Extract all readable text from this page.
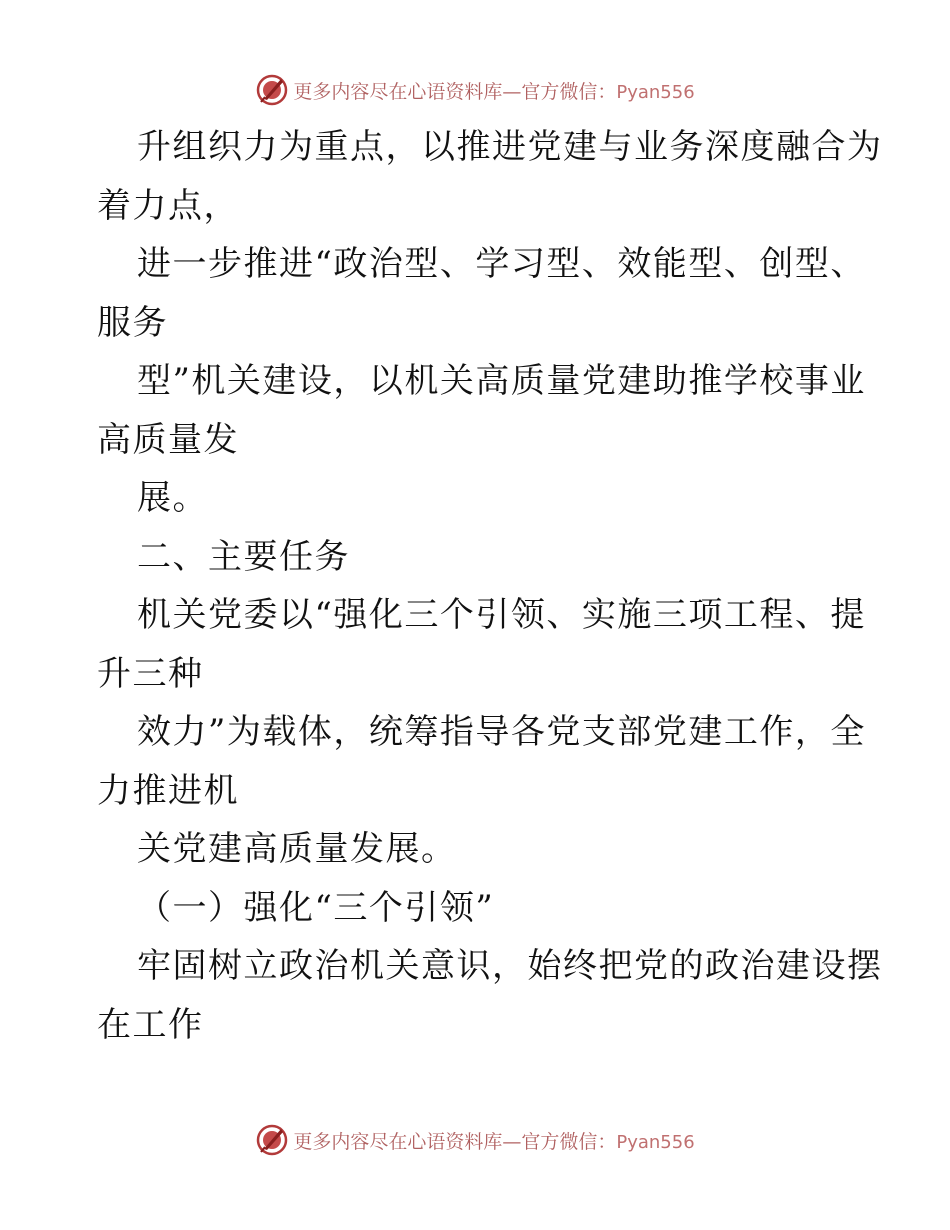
更多内容尽在心语资料库—官方微信：Pyan556
升组织力为重点，以推进党建与业务深度融合为
着力点，
进一步推进“政治型、学习型、效能型、创型、
服务
型”机关建设，以机关高质量党建助推学校事业
高质量发
展。
二、主要任务
机关党委以“强化三个引领、实施三项工程、提
升三种
效力”为载体，统筹指导各党支部党建工作，全
力推进机
关党建高质量发展。
（一）强化“三个引领”
牢固树立政治机关意识，始终把党的政治建设摆
在工作
更多内容尽在心语资料库—官方微信：Pyan556
